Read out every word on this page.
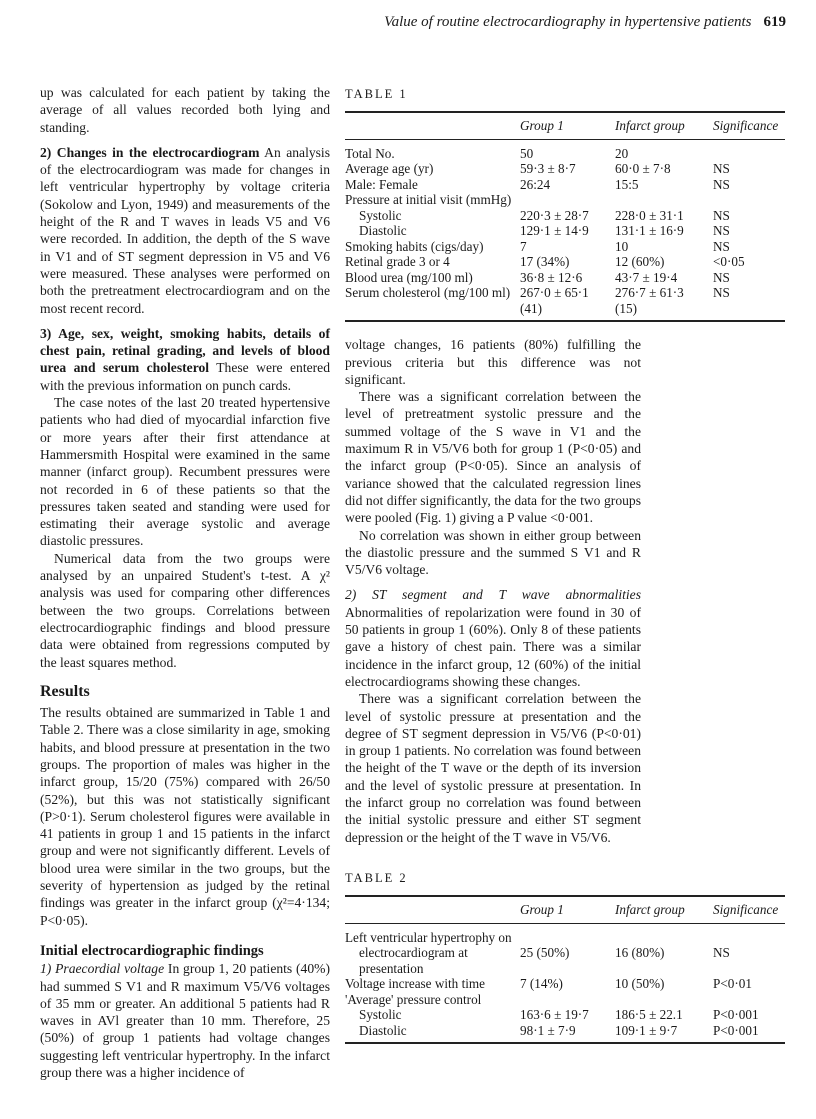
Value of routine electrocardiography in hypertensive patients 619

up was calculated for each patient by taking the average of all values recorded both lying and standing.

2) Changes in the electrocardiogram An analysis of the electrocardiogram was made for changes in left ventricular hypertrophy by voltage criteria (Sokolow and Lyon, 1949) and measurements of the height of the R and T waves in leads V5 and V6 were recorded. In addition, the depth of the S wave in V1 and of ST segment depression in V5 and V6 were measured. These analyses were performed on both the pretreatment electrocardiogram and on the most recent record.

3) Age, sex, weight, smoking habits, details of chest pain, retinal grading, and levels of blood urea and serum cholesterol These were entered with the previous information on punch cards.

The case notes of the last 20 treated hypertensive patients who had died of myocardial infarction five or more years after their first attendance at Hammersmith Hospital were examined in the same manner (infarct group). Recumbent pressures were not recorded in 6 of these patients so that the pressures taken seated and standing were used for estimating their average systolic and average diastolic pressures.

Numerical data from the two groups were analysed by an unpaired Student's t-test. A χ² analysis was used for comparing other differences between the two groups. Correlations between electrocardiographic findings and blood pressure data were obtained from regressions computed by the least squares method.

Results

The results obtained are summarized in Table 1 and Table 2. There was a close similarity in age, smoking habits, and blood pressure at presentation in the two groups. The proportion of males was higher in the infarct group, 15/20 (75%) compared with 26/50 (52%), but this was not statistically significant (P>0·1). Serum cholesterol figures were available in 41 patients in group 1 and 15 patients in the infarct group and were not significantly different. Levels of blood urea were similar in the two groups, but the severity of hypertension as judged by the retinal findings was greater in the infarct group (χ²=4·134; P<0·05).

Initial electrocardiographic findings

1) Praecordial voltage In group 1, 20 patients (40%) had summed S V1 and R maximum V5/V6 voltages of 35 mm or greater. An additional 5 patients had R waves in AVl greater than 10 mm. Therefore, 25 (50%) of group 1 patients had voltage changes suggesting left ventricular hypertrophy. In the infarct group there was a higher incidence of

TABLE 1
	Group 1	Infarct group	Significance
Total No.	50	20	
Average age (yr)	59·3 ± 8·7	60·0 ± 7·8	NS
Male: Female	26:24	15:5	NS
Pressure at initial visit (mmHg)			
Systolic	220·3 ± 28·7	228·0 ± 31·1	NS
Diastolic	129·1 ± 14·9	131·1 ± 16·9	NS
Smoking habits (cigs/day)	7	10	NS
Retinal grade 3 or 4	17 (34%)	12 (60%)	<0·05
Blood urea (mg/100 ml)	36·8 ± 12·6	43·7 ± 19·4	NS
Serum cholesterol (mg/100 ml)	267·0 ± 65·1	276·7 ± 61·3	NS
	(41)	(15)	

voltage changes, 16 patients (80%) fulfilling the previous criteria but this difference was not significant.

There was a significant correlation between the level of pretreatment systolic pressure and the summed voltage of the S wave in V1 and the maximum R in V5/V6 both for group 1 (P<0·05) and the infarct group (P<0·05). Since an analysis of variance showed that the calculated regression lines did not differ significantly, the data for the two groups were pooled (Fig. 1) giving a P value <0·001.

No correlation was shown in either group between the diastolic pressure and the summed S V1 and R V5/V6 voltage.

2) ST segment and T wave abnormalities Abnormalities of repolarization were found in 30 of 50 patients in group 1 (60%). Only 8 of these patients gave a history of chest pain. There was a similar incidence in the infarct group, 12 (60%) of the initial electrocardiograms showing these changes.

There was a significant correlation between the level of systolic pressure at presentation and the degree of ST segment depression in V5/V6 (P<0·01) in group 1 patients. No correlation was found between the height of the T wave or the depth of its inversion and the level of systolic pressure at presentation. In the infarct group no correlation was found between the initial systolic pressure and either ST segment depression or the height of the T wave in V5/V6.

TABLE 2
	Group 1	Infarct group	Significance
Left ventricular hypertrophy on			
electrocardiogram at presentation	25 (50%)	16 (80%)	NS
Voltage increase with time	7 (14%)	10 (50%)	P<0·01
'Average' pressure control			
Systolic	163·6 ± 19·7	186·5 ± 22.1	P<0·001
Diastolic	98·1 ± 7·9	109·1 ± 9·7	P<0·001
